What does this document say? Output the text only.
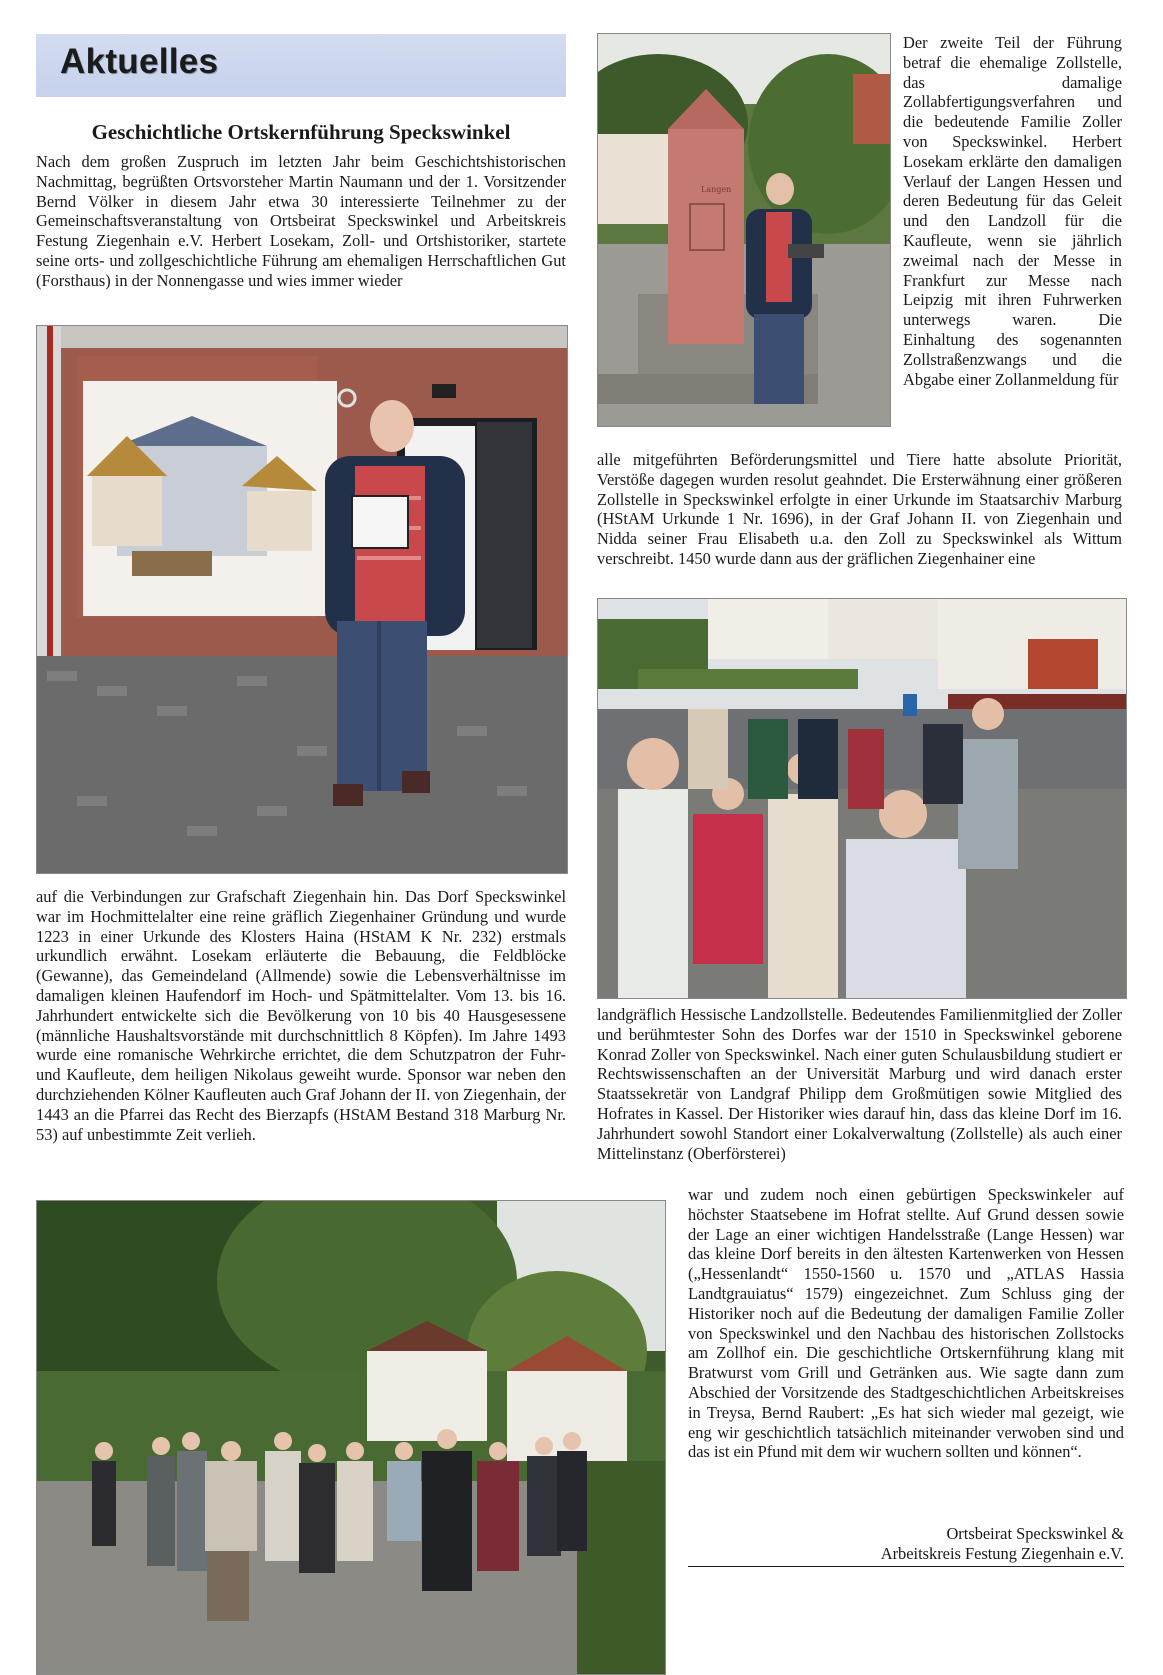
Aktuelles
Geschichtliche Ortskernführung Speckswinkel

Nach dem großen Zuspruch im letzten Jahr beim Geschichtshistorischen Nachmittag, begrüßten Ortsvorsteher Martin Naumann und der 1. Vorsitzender Bernd Völker in diesem Jahr etwa 30 interessierte Teilnehmer zu der Gemeinschaftsveranstaltung von Ortsbeirat Speckswinkel und Arbeitskreis Festung Ziegenhain e.V. Herbert Losekam, Zoll- und Ortshistoriker, startete seine orts- und zollgeschichtliche Führung am ehemaligen Herrschaftlichen Gut (Forsthaus) in der Nonnengasse und wies immer wieder

auf die Verbindungen zur Grafschaft Ziegenhain hin. Das Dorf Speckswinkel war im Hochmittelalter eine reine gräflich Ziegenhainer Gründung und wurde 1223 in einer Urkunde des Klosters Haina (HStAM K Nr. 232) erstmals urkundlich erwähnt. Losekam erläuterte die Bebauung, die Feldblöcke (Gewanne), das Gemeindeland (Allmende) sowie die Lebensverhältnisse im damaligen kleinen Haufendorf im Hoch- und Spätmittelalter. Vom 13. bis 16. Jahrhundert entwickelte sich die Bevölkerung von 10 bis 40 Hausgesessene (männliche Haushaltsvorstände mit durchschnittlich 8 Köpfen). Im Jahre 1493 wurde eine romanische Wehrkirche errichtet, die dem Schutzpatron der Fuhr- und Kaufleute, dem heiligen Nikolaus geweiht wurde. Sponsor war neben den durchziehenden Kölner Kaufleuten auch Graf Johann der II. von Ziegenhain, der 1443 an die Pfarrei das Recht des Bierzapfs (HStAM Bestand 318 Marburg Nr. 53) auf unbestimmte Zeit verlieh.

Langen

Der zweite Teil der Führung betraf die ehemalige Zollstelle, das damalige Zollabfertigungsverfahren und die bedeutende Familie Zoller von Speckswinkel. Herbert Losekam erklärte den damaligen Verlauf der Langen Hessen und deren Bedeutung für das Geleit und den Landzoll für die Kaufleute, wenn sie jährlich zweimal nach der Messe in Frankfurt zur Messe nach Leipzig mit ihren Fuhrwerken unterwegs waren. Die Einhaltung des sogenannten Zollstraßenzwangs und die Abgabe einer Zollanmeldung für

alle mitgeführten Beförderungsmittel und Tiere hatte absolute Priorität, Verstöße dagegen wurden resolut geahndet. Die Ersterwähnung einer größeren Zollstelle in Speckswinkel erfolgte in einer Urkunde im Staatsarchiv Marburg (HStAM Urkunde 1 Nr. 1696), in der Graf Johann II. von Ziegenhain und Nidda seiner Frau Elisabeth u.a. den Zoll zu Speckswinkel als Wittum verschreibt. 1450 wurde dann aus der gräflichen Ziegenhainer eine

landgräflich Hessische Landzollstelle. Bedeutendes Familienmitglied der Zoller und berühmtester Sohn des Dorfes war der 1510 in Speckswinkel geborene Konrad Zoller von Speckswinkel. Nach einer guten Schulausbildung studiert er Rechtswissenschaften an der Universität Marburg und wird danach erster Staatssekretär von Landgraf Philipp dem Großmütigen sowie Mitglied des Hofrates in Kassel. Der Historiker wies darauf hin, dass das kleine Dorf im 16. Jahrhundert sowohl Standort einer Lokalverwaltung (Zollstelle) als auch einer Mittelinstanz (Oberförsterei)

war und zudem noch einen gebürtigen Speckswinkeler auf höchster Staatsebene im Hofrat stellte. Auf Grund dessen sowie der Lage an einer wichtigen Handelsstraße (Lange Hessen) war das kleine Dorf bereits in den ältesten Kartenwerken von Hessen („Hessenlandt“ 1550-1560 u. 1570 und „ATLAS Hassia Landtgrauiatus“ 1579) eingezeichnet. Zum Schluss ging der Historiker noch auf die Bedeutung der damaligen Familie Zoller von Speckswinkel und den Nachbau des historischen Zollstocks am Zollhof ein. Die geschichtliche Ortskernführung klang mit Bratwurst vom Grill und Getränken aus. Wie sagte dann zum Abschied der Vorsitzende des Stadtgeschichtlichen Arbeitskreises in Treysa, Bernd Raubert: „Es hat sich wieder mal gezeigt, wie eng wir geschichtlich tatsächlich miteinander verwoben sind und das ist ein Pfund mit dem wir wuchern sollten und können“.

Ortsbeirat Speckswinkel &
Arbeitskreis Festung Ziegenhain e.V.
